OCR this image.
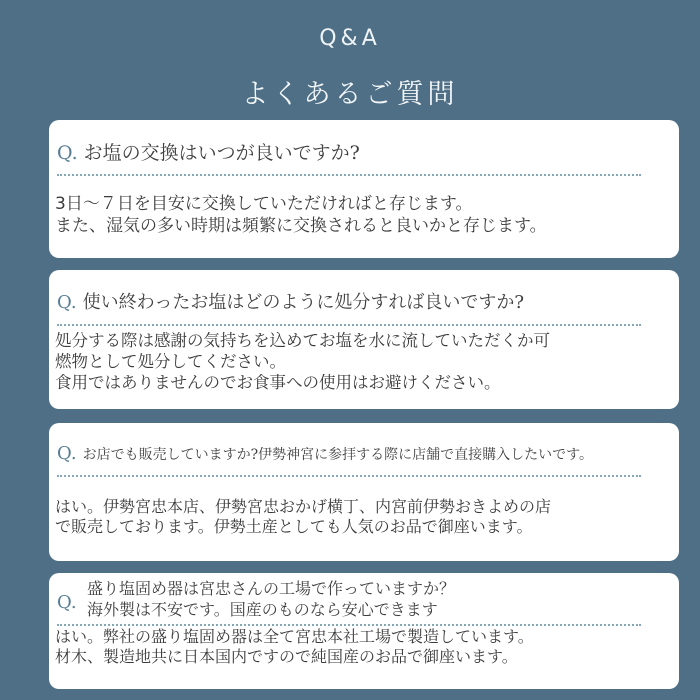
Q&A
よくあるご質問
Q. お塩の交換はいつが良いですか?
3日～７日を目安に交換していただければと存じます。
また、湿気の多い時期は頻繁に交換されると良いかと存じます。
Q. 使い終わったお塩はどのように処分すれば良いですか?
処分する際は感謝の気持ちを込めてお塩を水に流していただくか可
燃物として処分してください。
食用ではありませんのでお食事への使用はお避けください。
Q. お店でも販売していますか?伊勢神宮に参拝する際に店舗で直接購入したいです。
はい。伊勢宮忠本店、伊勢宮忠おかげ横丁、内宮前伊勢おきよめの店
で販売しております。伊勢土産としても人気のお品で御座います。
Q.
盛り塩固め器は宮忠さんの工場で作っていますか？
海外製は不安です。国産のものなら安心できます
はい。弊社の盛り塩固め器は全て宮忠本社工場で製造しています。
材木、製造地共に日本国内ですので純国産のお品で御座います。
